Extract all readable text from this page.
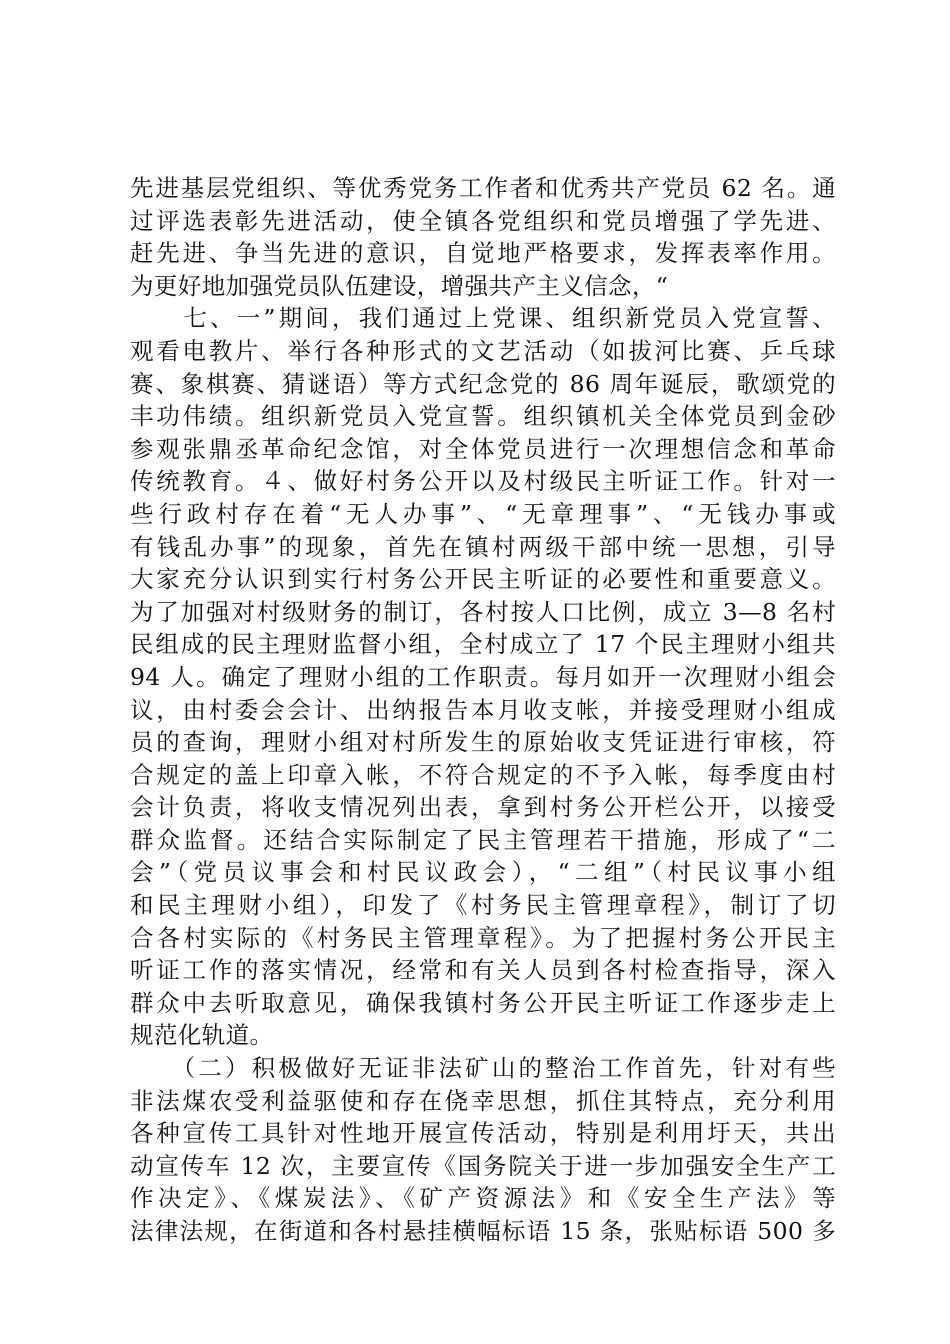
先进基层党组织、等优秀党务工作者和优秀共产党员 62 名。通
过评选表彰先进活动，使全镇各党组织和党员增强了学先进、
赶先进、争当先进的意识，自觉地严格要求，发挥表率作用。
为更好地加强党员队伍建设，增强共产主义信念，“
　　七、一”期间，我们通过上党课、组织新党员入党宣誓、
观看电教片、举行各种形式的文艺活动（如拔河比赛、乒乓球
赛、象棋赛、猜谜语）等方式纪念党的 86 周年诞辰，歌颂党的
丰功伟绩。组织新党员入党宣誓。组织镇机关全体党员到金砂
参观张鼎丞革命纪念馆，对全体党员进行一次理想信念和革命
传统教育。４、做好村务公开以及村级民主听证工作。针对一
些行政村存在着“无人办事”、“无章理事”、“无钱办事或
有钱乱办事”的现象，首先在镇村两级干部中统一思想，引导
大家充分认识到实行村务公开民主听证的必要性和重要意义。
为了加强对村级财务的制订，各村按人口比例，成立 3—8 名村
民组成的民主理财监督小组，全村成立了 17 个民主理财小组共
94 人。确定了理财小组的工作职责。每月如开一次理财小组会
议，由村委会会计、出纳报告本月收支帐，并接受理财小组成
员的查询，理财小组对村所发生的原始收支凭证进行审核，符
合规定的盖上印章入帐，不符合规定的不予入帐，每季度由村
会计负责，将收支情况列出表，拿到村务公开栏公开，以接受
群众监督。还结合实际制定了民主管理若干措施，形成了“二
会”（党员议事会和村民议政会），“二组”（村民议事小组
和民主理财小组），印发了《村务民主管理章程》，制订了切
合各村实际的《村务民主管理章程》。为了把握村务公开民主
听证工作的落实情况，经常和有关人员到各村检查指导，深入
群众中去听取意见，确保我镇村务公开民主听证工作逐步走上
规范化轨道。
　　（二）积极做好无证非法矿山的整治工作首先，针对有些
非法煤农受利益驱使和存在侥幸思想，抓住其特点，充分利用
各种宣传工具针对性地开展宣传活动，特别是利用圩天，共出
动宣传车 12 次，主要宣传《国务院关于进一步加强安全生产工
作决定》、《煤炭法》、《矿产资源法》和《安全生产法》等
法律法规，在街道和各村悬挂横幅标语 15 条，张贴标语 500 多
